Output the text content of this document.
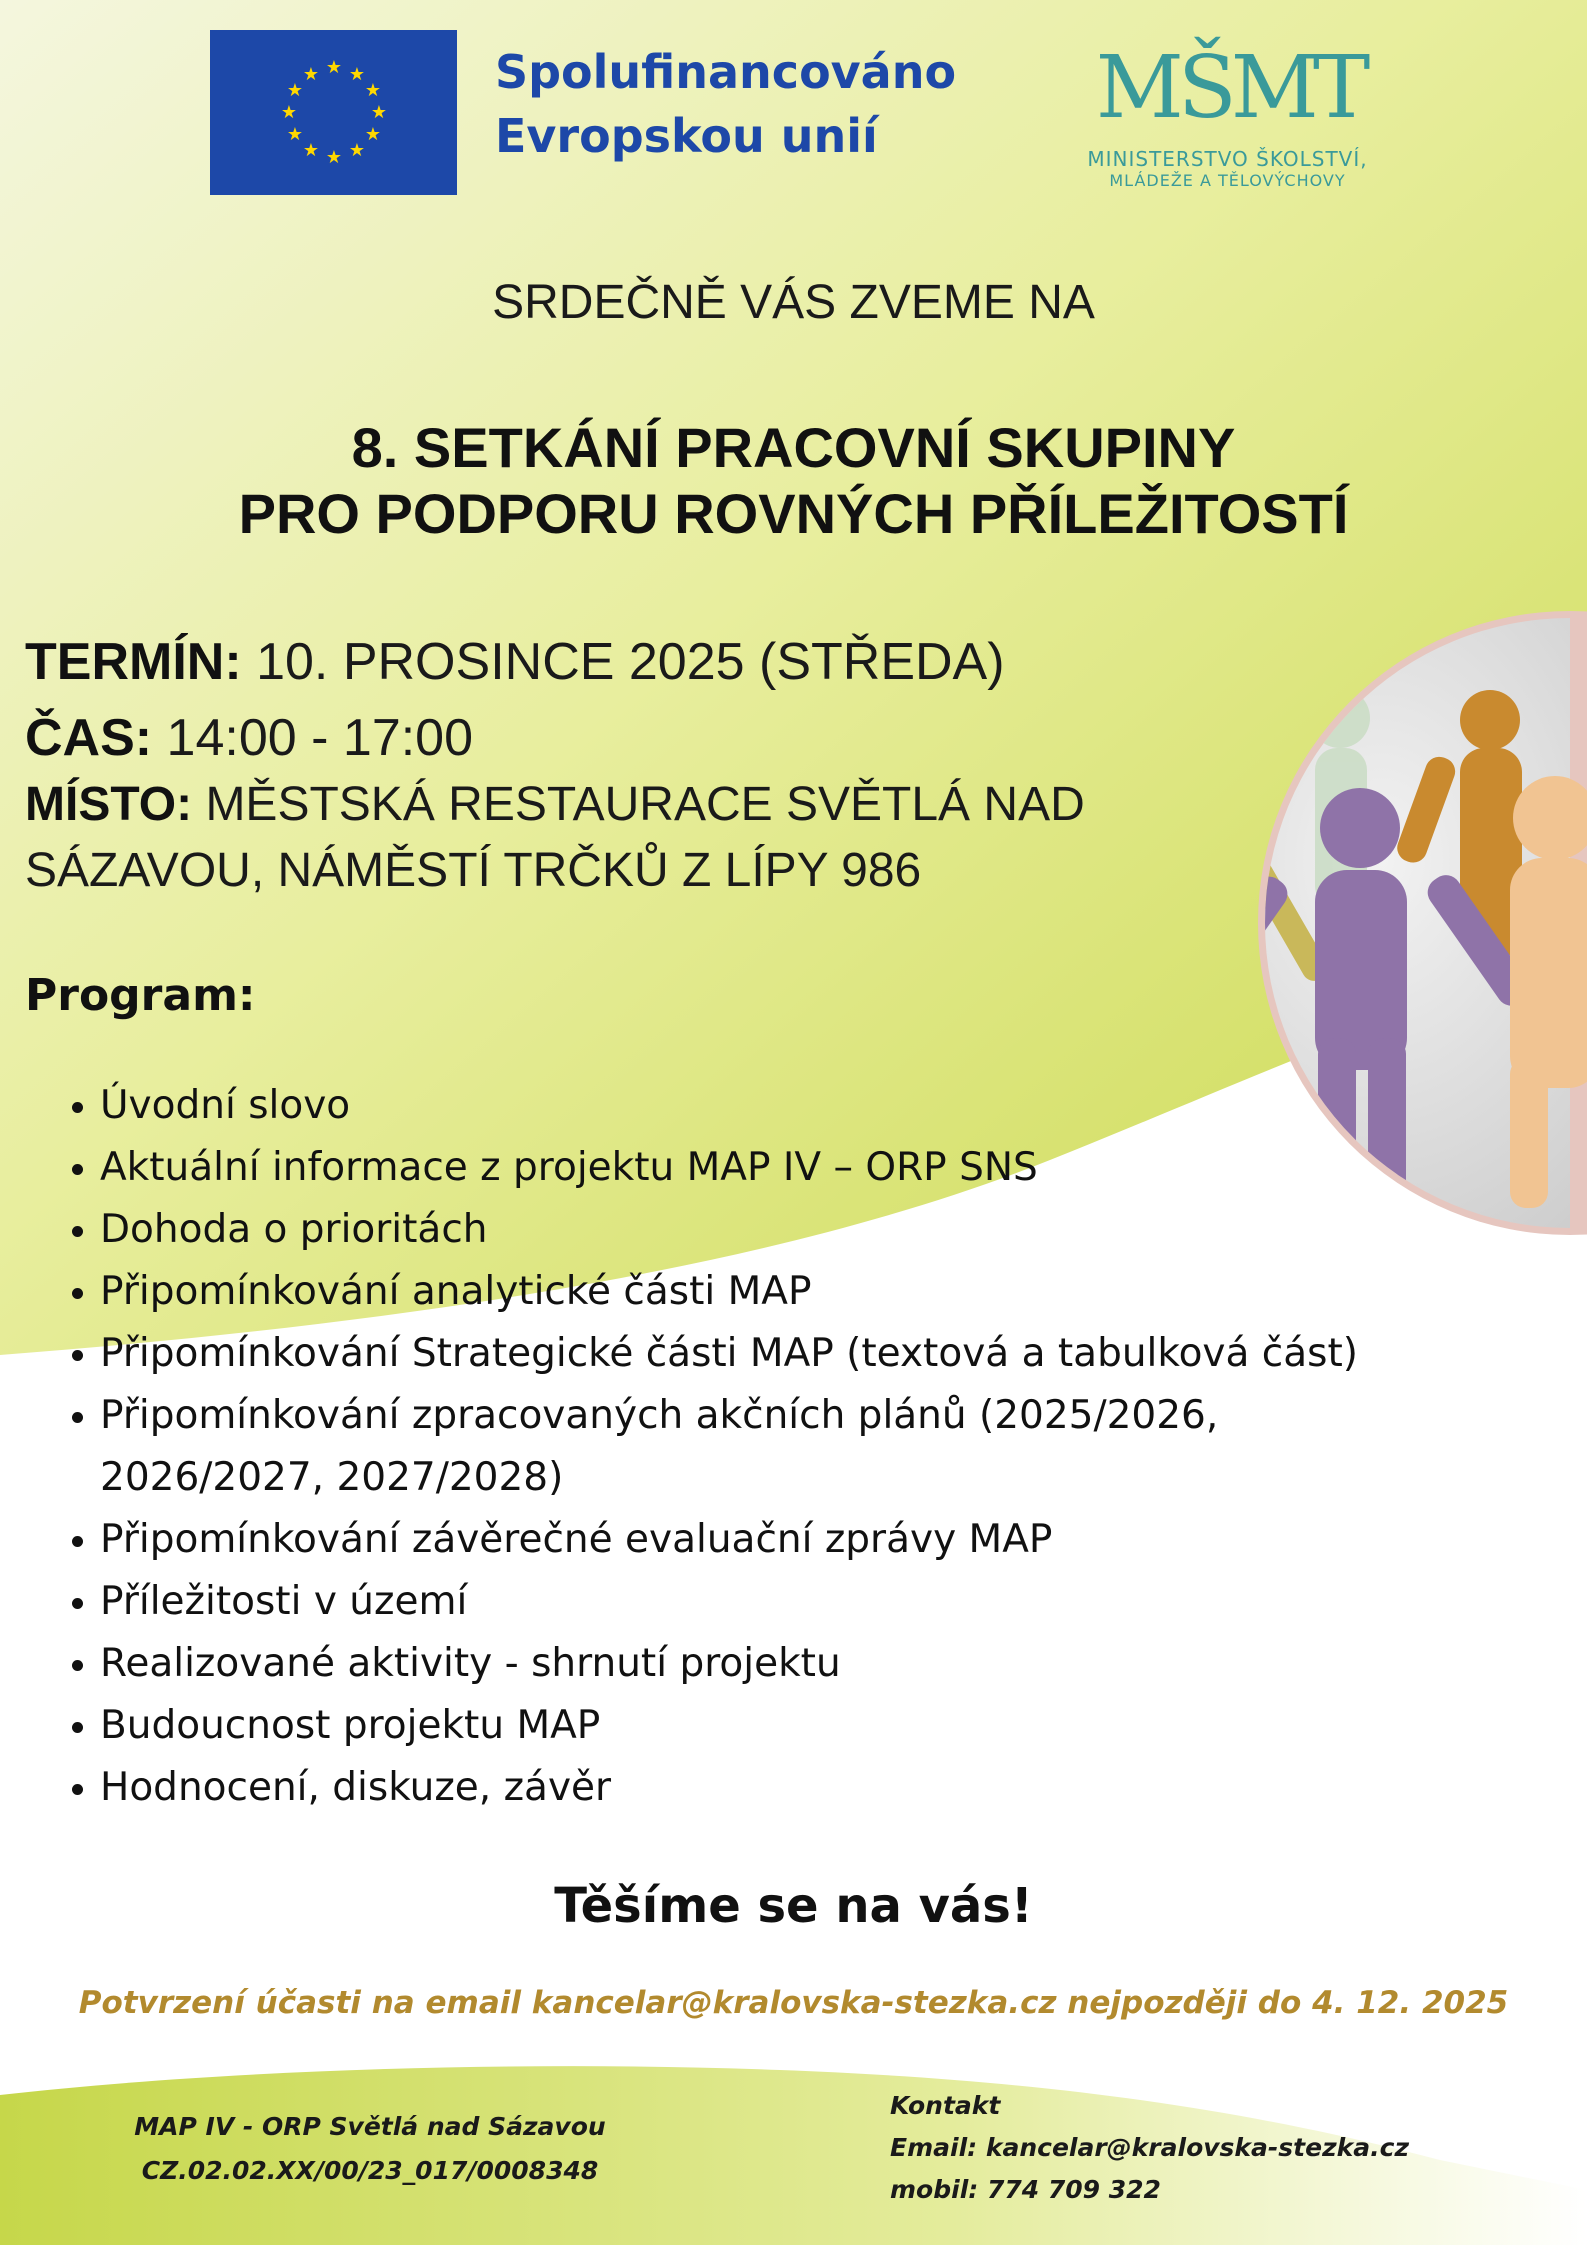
★ ★
★
★
★
★
★
★
★
★
★
★	Spolufinancováno
Evropskou unií	MŠMT
MINISTERSTVO ŠKOLSTVÍ,
MLÁDEŽE A TĚLOVÝCHOVY
SRDEČNĚ VÁS ZVEME NA
8. SETKÁNÍ PRACOVNÍ SKUPINY
PRO PODPORU ROVNÝCH PŘÍLEŽITOSTÍ
TERMÍN: 10. PROSINCE 2025 (STŘEDA)
ČAS: 14:00 - 17:00
MÍSTO: MĚSTSKÁ RESTAURACE SVĚTLÁ NAD SÁZAVOU, NÁMĚSTÍ TRČKŮ Z LÍPY 986
Program:
• Úvodní slovo
• Aktuální informace z projektu MAP IV – ORP SNS
• Dohoda o prioritách
• Připomínkování analytické části MAP
• Připomínkování Strategické části MAP (textová a tabulková část)
• Připomínkování zpracovaných akčních plánů (2025/2026, 2026/2027, 2027/2028)
• Připomínkování závěrečné evaluační zprávy MAP
• Příležitosti v území
• Realizované aktivity - shrnutí projektu
• Budoucnost projektu MAP
• Hodnocení, diskuze, závěr
Těšíme se na vás!
Potvrzení účasti na email kancelar@kralovska-stezka.cz nejpozději do 4. 12. 2025
MAP IV - ORP Světlá nad Sázavou
CZ.02.02.XX/00/23_017/0008348
Kontakt
Email: kancelar@kralovska-stezka.cz
mobil: 774 709 322
